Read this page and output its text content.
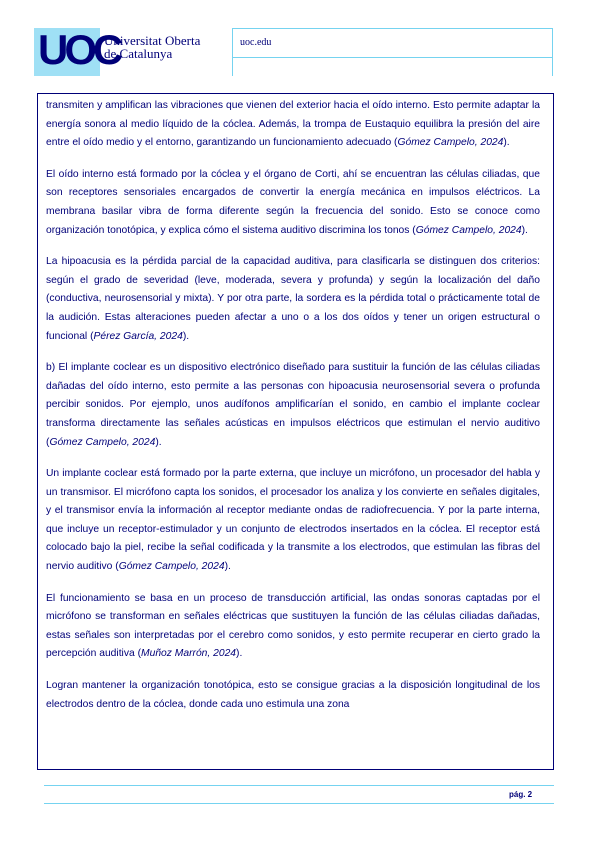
UOC
Universitat Oberta
de Catalunya
uoc.edu

transmiten y amplifican las vibraciones que vienen del exterior hacia el oído interno. Esto permite adaptar la energía sonora al medio líquido de la cóclea. Además, la trompa de Eustaquio equilibra la presión del aire entre el oído medio y el entorno, garantizando un funcionamiento adecuado (Gómez Campelo, 2024).

El oído interno está formado por la cóclea y el órgano de Corti, ahí se encuentran las células ciliadas, que son receptores sensoriales encargados de convertir la energía mecánica en impulsos eléctricos. La membrana basilar vibra de forma diferente según la frecuencia del sonido. Esto se conoce como organización tonotópica, y explica cómo el sistema auditivo discrimina los tonos (Gómez Campelo, 2024).

La hipoacusia es la pérdida parcial de la capacidad auditiva, para clasificarla se distinguen dos criterios: según el grado de severidad (leve, moderada, severa y profunda) y según la localización del daño (conductiva, neurosensorial y mixta). Y por otra parte, la sordera es la pérdida total o prácticamente total de la audición. Estas alteraciones pueden afectar a uno o a los dos oídos y tener un origen estructural o funcional (Pérez García, 2024).

b) El implante coclear es un dispositivo electrónico diseñado para sustituir la función de las células ciliadas dañadas del oído interno, esto permite a las personas con hipoacusia neurosensorial severa o profunda percibir sonidos. Por ejemplo, unos audífonos amplificarían el sonido, en cambio el implante coclear transforma directamente las señales acústicas en impulsos eléctricos que estimulan el nervio auditivo (Gómez Campelo, 2024).

Un implante coclear está formado por la parte externa, que incluye un micrófono, un procesador del habla y un transmisor. El micrófono capta los sonidos, el procesador los analiza y los convierte en señales digitales, y el transmisor envía la información al receptor mediante ondas de radiofrecuencia. Y por la parte interna, que incluye un receptor-estimulador y un conjunto de electrodos insertados en la cóclea. El receptor está colocado bajo la piel, recibe la señal codificada y la transmite a los electrodos, que estimulan las fibras del nervio auditivo (Gómez Campelo, 2024).

El funcionamiento se basa en un proceso de transducción artificial, las ondas sonoras captadas por el micrófono se transforman en señales eléctricas que sustituyen la función de las células ciliadas dañadas, estas señales son interpretadas por el cerebro como sonidos, y esto permite recuperar en cierto grado la percepción auditiva (Muñoz Marrón, 2024).

Logran mantener la organización tonotópica, esto se consigue gracias a la disposición longitudinal de los electrodos dentro de la cóclea, donde cada uno estimula una zona

pág. 2
